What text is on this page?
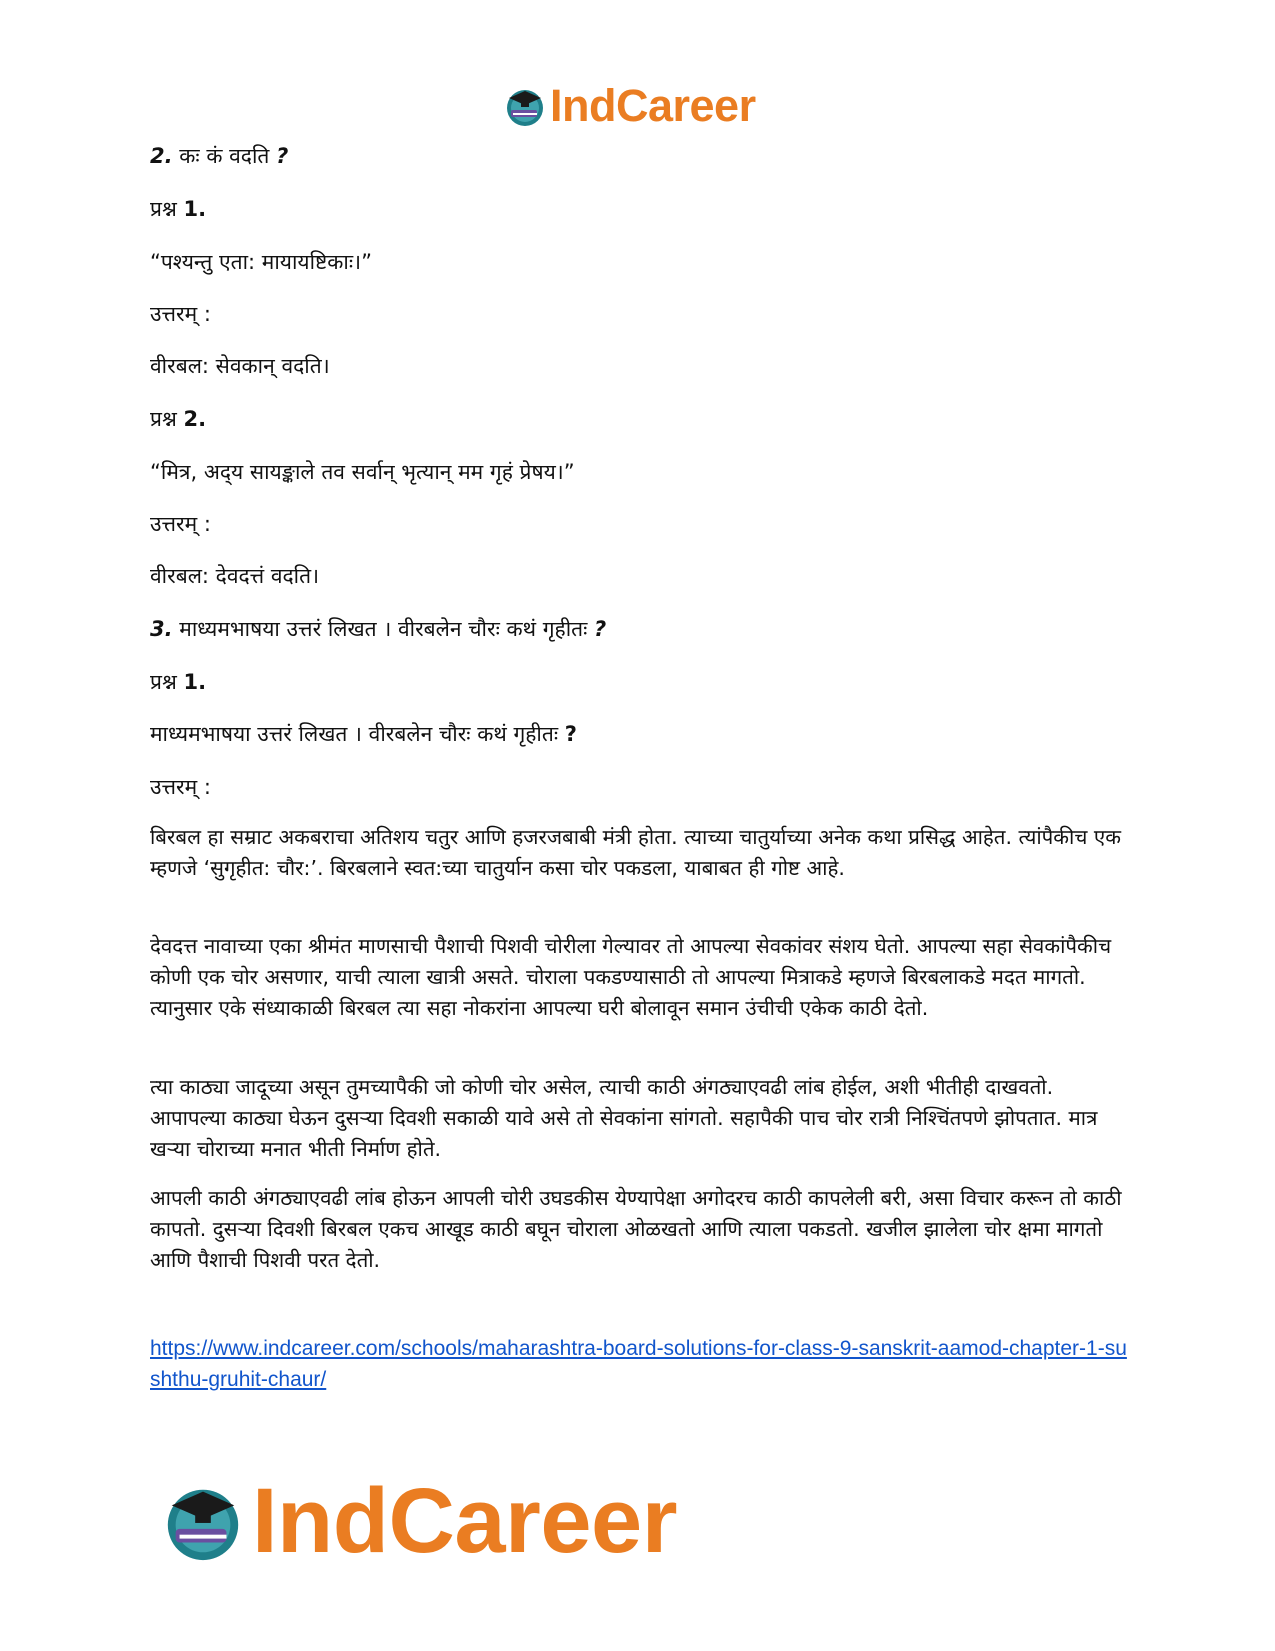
IndCareer
2. कः कं वदति ?
प्रश्न 1.
“पश्यन्तु एता: मायायष्टिकाः।”
उत्तरम् :
वीरबल: सेवकान् वदति।
प्रश्न 2.
“मित्र, अद्‌य सायङ्काले तव सर्वान् भृत्यान् मम गृहं प्रेषय।”
उत्तरम् :
वीरबल: देवदत्तं वदति।
3. माध्यमभाषया उत्तरं लिखत । वीरबलेन चौरः कथं गृहीतः ?
प्रश्न 1.
माध्यमभाषया उत्तरं लिखत । वीरबलेन चौरः कथं गृहीतः ?
उत्तरम् :
बिरबल हा सम्राट अकबराचा अतिशय चतुर आणि हजरजबाबी मंत्री होता. त्याच्या चातुर्याच्या अनेक कथा प्रसिद्ध आहेत. त्यांपैकीच एक म्हणजे ‘सुगृहीत: चौर:’. बिरबलाने स्वत:च्या चातुर्यान कसा चोर पकडला, याबाबत ही गोष्ट आहे.
देवदत्त नावाच्या एका श्रीमंत माणसाची पैशाची पिशवी चोरीला गेल्यावर तो आपल्या सेवकांवर संशय घेतो. आपल्या सहा सेवकांपैकीच कोणी एक चोर असणार, याची त्याला खात्री असते. चोराला पकडण्यासाठी तो आपल्या मित्राकडे म्हणजे बिरबलाकडे मदत मागतो. त्यानुसार एके संध्याकाळी बिरबल त्या सहा नोकरांना आपल्या घरी बोलावून समान उंचीची एकेक काठी देतो.
त्या काठ्या जादूच्या असून तुमच्यापैकी जो कोणी चोर असेल, त्याची काठी अंगठ्याएवढी लांब होईल, अशी भीतीही दाखवतो. आपापल्या काठ्या घेऊन दुसऱ्या दिवशी सकाळी यावे असे तो सेवकांना सांगतो. सहापैकी पाच चोर रात्री निश्चिंतपणे झोपतात. मात्र खऱ्या चोराच्या मनात भीती निर्माण होते.
आपली काठी अंगठ्याएवढी लांब होऊन आपली चोरी उघडकीस येण्यापेक्षा अगोदरच काठी कापलेली बरी, असा विचार करून तो काठी कापतो. दुसऱ्या दिवशी बिरबल एकच आखूड काठी बघून चोराला ओळखतो आणि त्याला पकडतो. खजील झालेला चोर क्षमा मागतो आणि पैशाची पिशवी परत देतो.
https://www.indcareer.com/schools/maharashtra-board-solutions-for-class-9-sanskrit-aamod-chapter-1-sushthu-gruhit-chaur/
IndCareer
